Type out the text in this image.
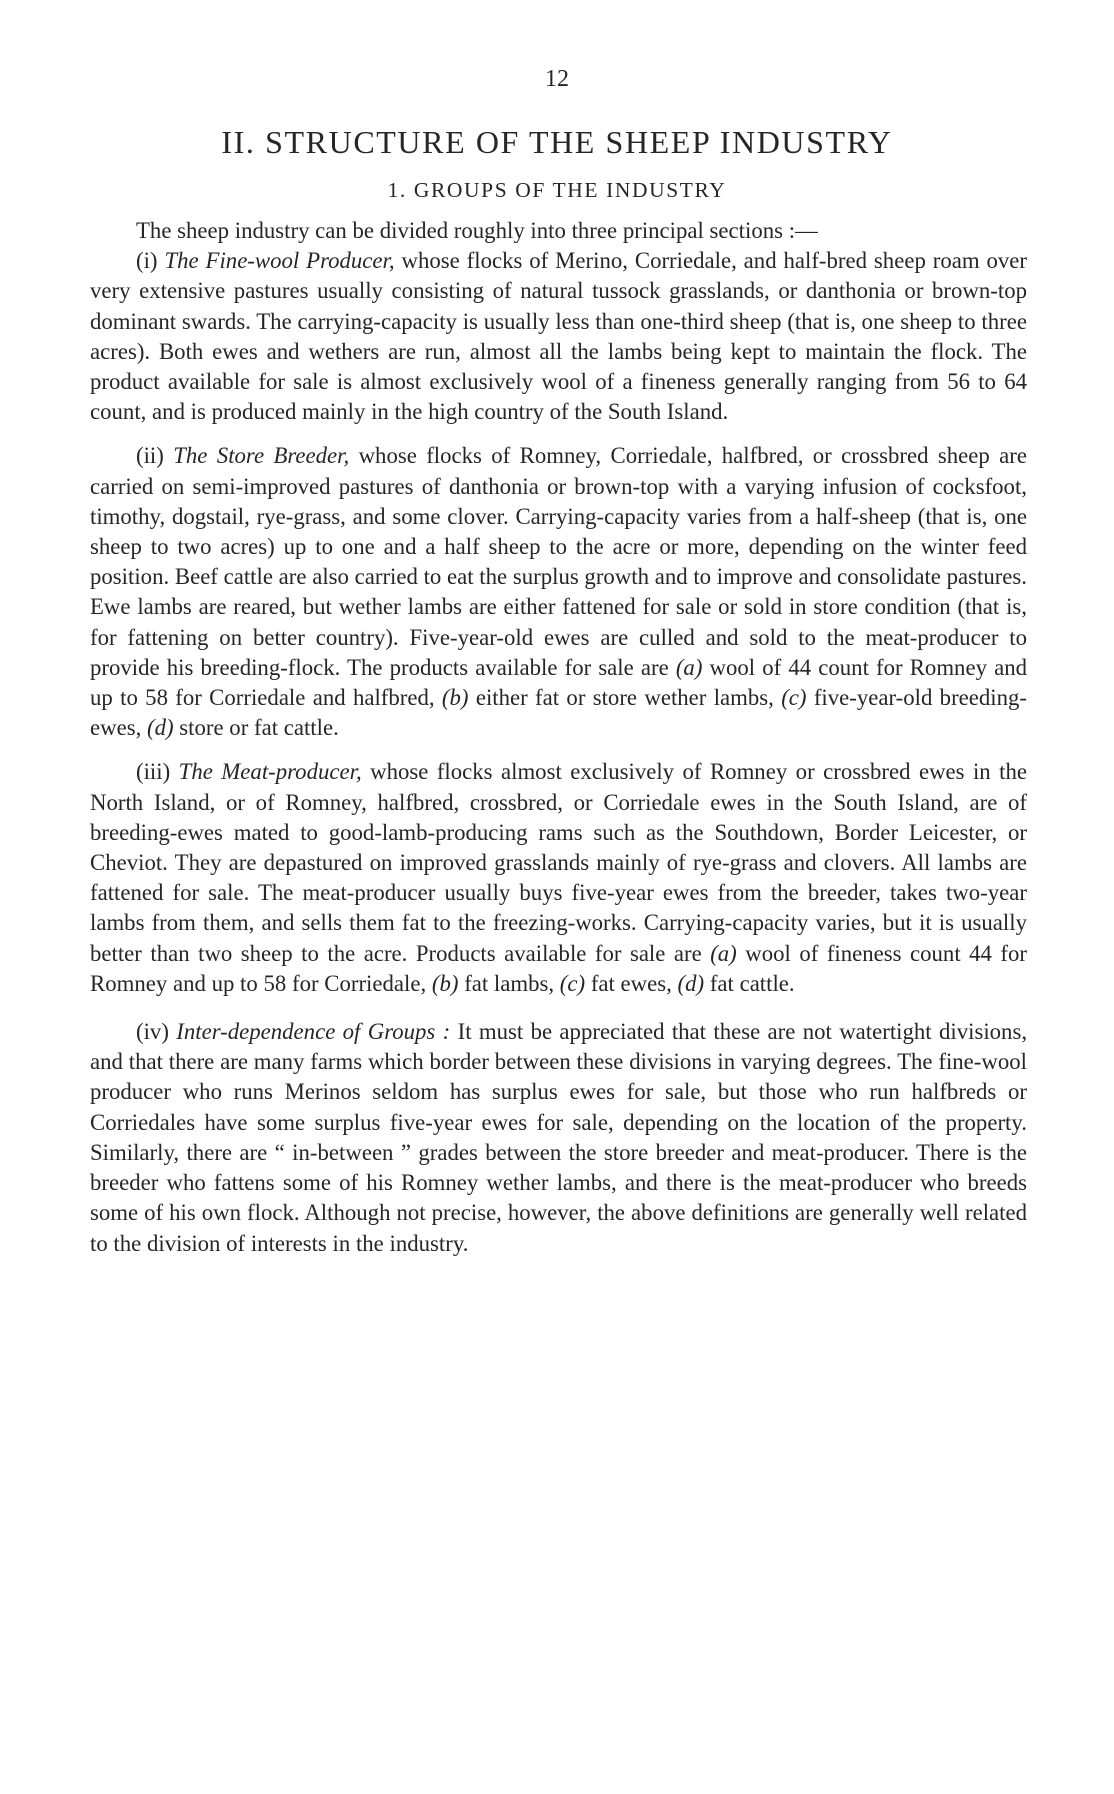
12
II. STRUCTURE OF THE SHEEP INDUSTRY
1. GROUPS OF THE INDUSTRY

The sheep industry can be divided roughly into three principal sections :—

(i) The Fine-wool Producer, whose flocks of Merino, Corriedale, and half-bred sheep roam over very extensive pastures usually consisting of natural tussock grasslands, or danthonia or brown-top dominant swards. The carrying-capacity is usually less than one-third sheep (that is, one sheep to three acres). Both ewes and wethers are run, almost all the lambs being kept to maintain the flock. The product available for sale is almost exclusively wool of a fineness generally ranging from 56 to 64 count, and is produced mainly in the high country of the South Island.

(ii) The Store Breeder, whose flocks of Romney, Corriedale, halfbred, or crossbred sheep are carried on semi-improved pastures of danthonia or brown-top with a varying infusion of cocksfoot, timothy, dogstail, rye-grass, and some clover. Carrying-capacity varies from a half-sheep (that is, one sheep to two acres) up to one and a half sheep to the acre or more, depending on the winter feed position. Beef cattle are also carried to eat the surplus growth and to improve and consolidate pastures. Ewe lambs are reared, but wether lambs are either fattened for sale or sold in store condition (that is, for fattening on better country). Five-year-old ewes are culled and sold to the meat-producer to provide his breeding-flock. The products available for sale are (a) wool of 44 count for Romney and up to 58 for Corriedale and halfbred, (b) either fat or store wether lambs, (c) five-year-old breeding-ewes, (d) store or fat cattle.

(iii) The Meat-producer, whose flocks almost exclusively of Romney or crossbred ewes in the North Island, or of Romney, halfbred, crossbred, or Corriedale ewes in the South Island, are of breeding-ewes mated to good-lamb-producing rams such as the Southdown, Border Leicester, or Cheviot. They are depastured on improved grasslands mainly of rye-grass and clovers. All lambs are fattened for sale. The meat-producer usually buys five-year ewes from the breeder, takes two-year lambs from them, and sells them fat to the freezing-works. Carrying-capacity varies, but it is usually better than two sheep to the acre. Products available for sale are (a) wool of fineness count 44 for Romney and up to 58 for Corriedale, (b) fat lambs, (c) fat ewes, (d) fat cattle.

(iv) Inter-dependence of Groups : It must be appreciated that these are not watertight divisions, and that there are many farms which border between these divisions in varying degrees. The fine-wool producer who runs Merinos seldom has surplus ewes for sale, but those who run halfbreds or Corriedales have some surplus five-year ewes for sale, depending on the location of the property. Similarly, there are “ in-between ” grades between the store breeder and meat-producer. There is the breeder who fattens some of his Romney wether lambs, and there is the meat-producer who breeds some of his own flock. Although not precise, however, the above definitions are generally well related to the division of interests in the industry.
